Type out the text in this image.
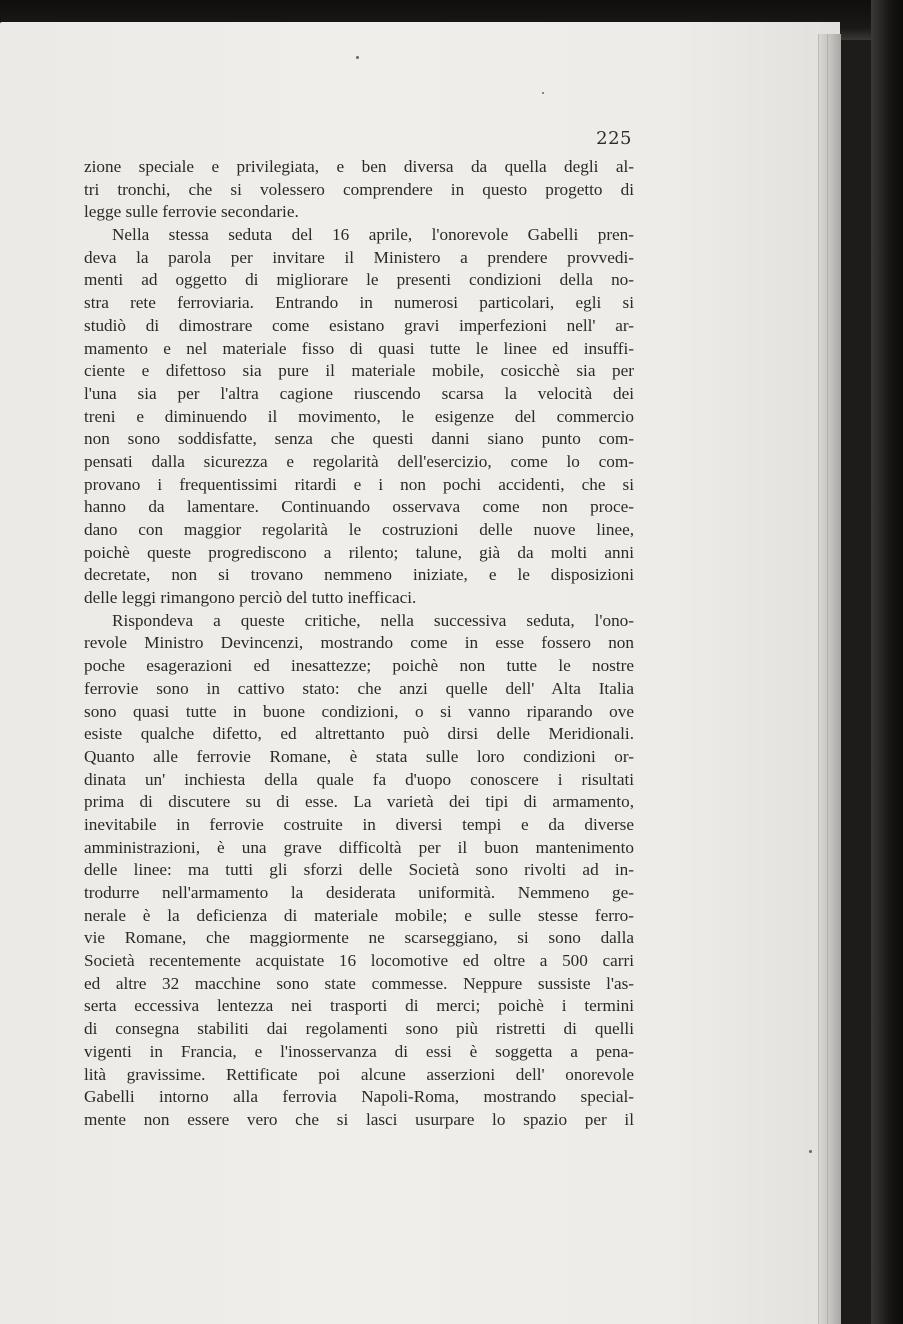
225
zione speciale e privilegiata, e ben diversa da quella degli al-
tri tronchi, che si volessero comprendere in questo progetto di
legge sulle ferrovie secondarie.
Nella stessa seduta del 16 aprile, l'onorevole Gabelli pren-
deva la parola per invitare il Ministero a prendere provvedi-
menti ad oggetto di migliorare le presenti condizioni della no-
stra rete ferroviaria. Entrando in numerosi particolari, egli si
studiò di dimostrare come esistano gravi imperfezioni nell' ar-
mamento e nel materiale fisso di quasi tutte le linee ed insuffi-
ciente e difettoso sia pure il materiale mobile, cosicchè sia per
l'una sia per l'altra cagione riuscendo scarsa la velocità dei
treni e diminuendo il movimento, le esigenze del commercio
non sono soddisfatte, senza che questi danni siano punto com-
pensati dalla sicurezza e regolarità dell'esercizio, come lo com-
provano i frequentissimi ritardi e i non pochi accidenti, che si
hanno da lamentare. Continuando osservava come non proce-
dano con maggior regolarità le costruzioni delle nuove linee,
poichè queste progrediscono a rilento; talune, già da molti anni
decretate, non si trovano nemmeno iniziate, e le disposizioni
delle leggi rimangono perciò del tutto inefficaci.
Rispondeva a queste critiche, nella successiva seduta, l'ono-
revole Ministro Devincenzi, mostrando come in esse fossero non
poche esagerazioni ed inesattezze; poichè non tutte le nostre
ferrovie sono in cattivo stato: che anzi quelle dell' Alta Italia
sono quasi tutte in buone condizioni, o si vanno riparando ove
esiste qualche difetto, ed altrettanto può dirsi delle Meridionali.
Quanto alle ferrovie Romane, è stata sulle loro condizioni or-
dinata un' inchiesta della quale fa d'uopo conoscere i risultati
prima di discutere su di esse. La varietà dei tipi di armamento,
inevitabile in ferrovie costruite in diversi tempi e da diverse
amministrazioni, è una grave difficoltà per il buon mantenimento
delle linee: ma tutti gli sforzi delle Società sono rivolti ad in-
trodurre nell'armamento la desiderata uniformità. Nemmeno ge-
nerale è la deficienza di materiale mobile; e sulle stesse ferro-
vie Romane, che maggiormente ne scarseggiano, si sono dalla
Società recentemente acquistate 16 locomotive ed oltre a 500 carri
ed altre 32 macchine sono state commesse. Neppure sussiste l'as-
serta eccessiva lentezza nei trasporti di merci; poichè i termini
di consegna stabiliti dai regolamenti sono più ristretti di quelli
vigenti in Francia, e l'inosservanza di essi è soggetta a pena-
lità gravissime. Rettificate poi alcune asserzioni dell' onorevole
Gabelli intorno alla ferrovia Napoli-Roma, mostrando special-
mente non essere vero che si lasci usurpare lo spazio per il
